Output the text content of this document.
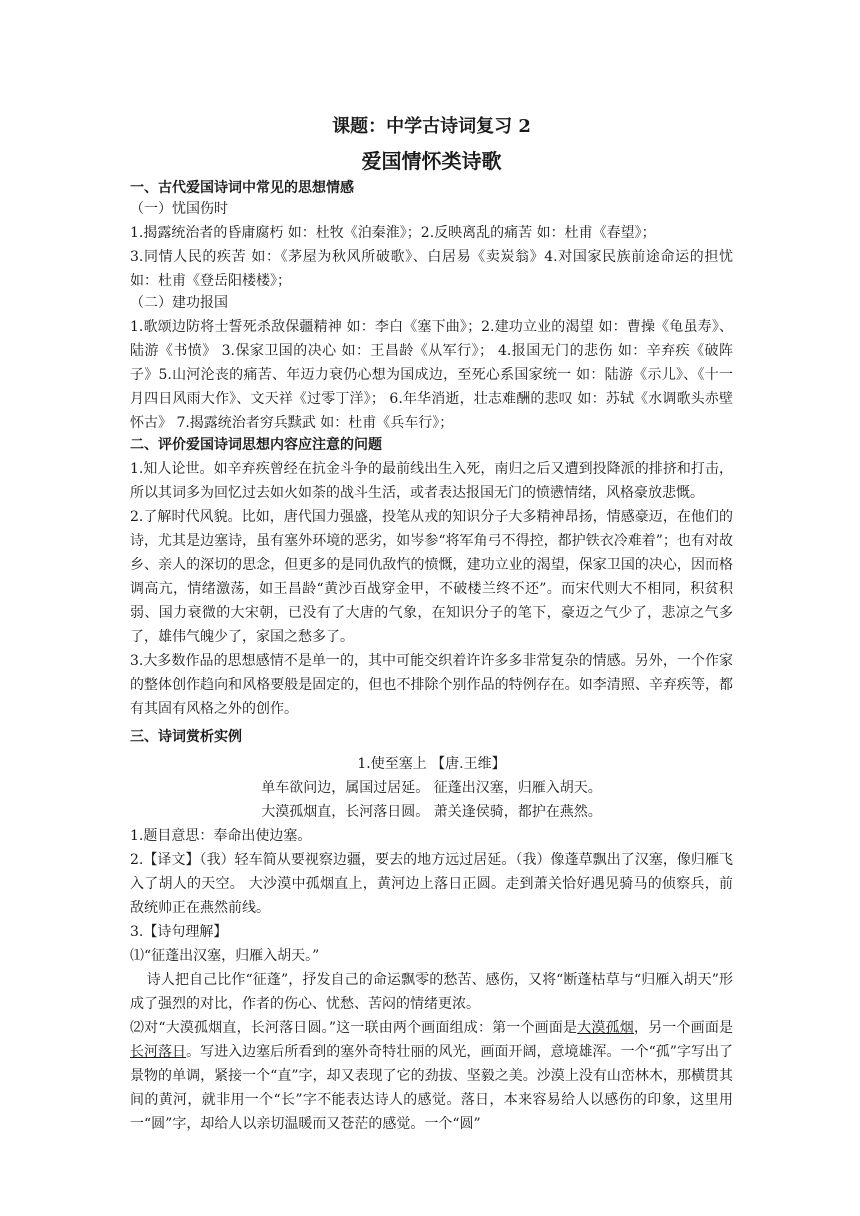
课题：中学古诗词复习 2
爱国情怀类诗歌
一、古代爱国诗词中常见的思想情感
（一）忧国伤时

1.揭露统治者的昏庸腐朽 如：杜牧《泊秦淮》；2.反映离乱的痛苦 如：杜甫《春望》；

3.同情人民的疾苦 如：《茅屋为秋风所破歌》、白居易《卖炭翁》4.对国家民族前途命运的担忧 如：杜甫《登岳阳楼楼》；

（二）建功报国

1.歌颂边防将士誓死杀敌保疆精神 如：李白《塞下曲》；2.建功立业的渴望 如：曹操《龟虽寿》、陆游《书愤》 3.保家卫国的决心 如：王昌龄《从军行》； 4.报国无门的悲伤 如：辛弃疾《破阵子》5.山河沦丧的痛苦、年迈力衰仍心想为国成边，至死心系国家统一 如：陆游《示儿》、《十一月四日风雨大作》、文天祥《过零丁洋》； 6.年华消逝，壮志难酬的悲叹 如：苏轼《水调歌头赤壁怀古》 7.揭露统治者穷兵黩武 如：杜甫《兵车行》；

二、评价爱国诗词思想内容应注意的问题

1.知人论世。如辛弃疾曾经在抗金斗争的最前线出生入死，南归之后又遭到投降派的排挤和打击，所以其词多为回忆过去如火如荼的战斗生活，或者表达报国无门的愤懑情绪，风格豪放悲慨。

2.了解时代风貌。比如，唐代国力强盛，投笔从戎的知识分子大多精神昂扬，情感豪迈，在他们的诗，尤其是边塞诗，虽有塞外环境的恶劣，如岑参“将军角弓不得控，都护铁衣冷难着”；也有对故乡、亲人的深切的思念，但更多的是同仇敌忾的愤慨，建功立业的渴望，保家卫国的决心，因而格调高亢，情绪激荡，如王昌龄“黄沙百战穿金甲，不破楼兰终不还”。而宋代则大不相同，积贫积弱、国力衰微的大宋朝，已没有了大唐的气象，在知识分子的笔下，豪迈之气少了，悲凉之气多了，雄伟气魄少了，家国之愁多了。

3.大多数作品的思想感情不是单一的，其中可能交织着许许多多非常复杂的情感。另外，一个作家的整体创作趋向和风格要般是固定的，但也不排除个别作品的特例存在。如李清照、辛弃疾等，都有其固有风格之外的创作。

三、诗词赏析实例
1.使至塞上 【唐.王维】
单车欲问边，属国过居延。 征蓬出汉塞，归雁入胡天。
大漠孤烟直，长河落日圆。 萧关逢侯骑，都护在燕然。

1.题目意思：奉命出使边塞。

2.【译文】（我）轻车简从要视察边疆，要去的地方远过居延。（我）像蓬草飘出了汉塞，像归雁飞入了胡人的天空。 大沙漠中孤烟直上，黄河边上落日正圆。走到萧关恰好遇见骑马的侦察兵，前敌统帅正在燕然前线。

3.【诗句理解】

⑴“征蓬出汉塞，归雁入胡天。”

诗人把自己比作“征蓬”，抒发自己的命运飘零的愁苦、感伤，又将“断蓬枯草与“归雁入胡天”形成了强烈的对比，作者的伤心、忧愁、苦闷的情绪更浓。

⑵对“大漠孤烟直，长河落日圆。”这一联由两个画面组成：第一个画面是大漠孤烟，另一个画面是长河落日。写进入边塞后所看到的塞外奇特壮丽的风光，画面开阔，意境雄浑。一个“孤”字写出了景物的单调，紧接一个“直”字，却又表现了它的劲拔、坚毅之美。沙漠上没有山峦林木，那横贯其间的黄河，就非用一个“长”字不能表达诗人的感觉。落日，本来容易给人以感伤的印象，这里用一“圆”字，却给人以亲切温暖而又苍茫的感觉。一个“圆”
